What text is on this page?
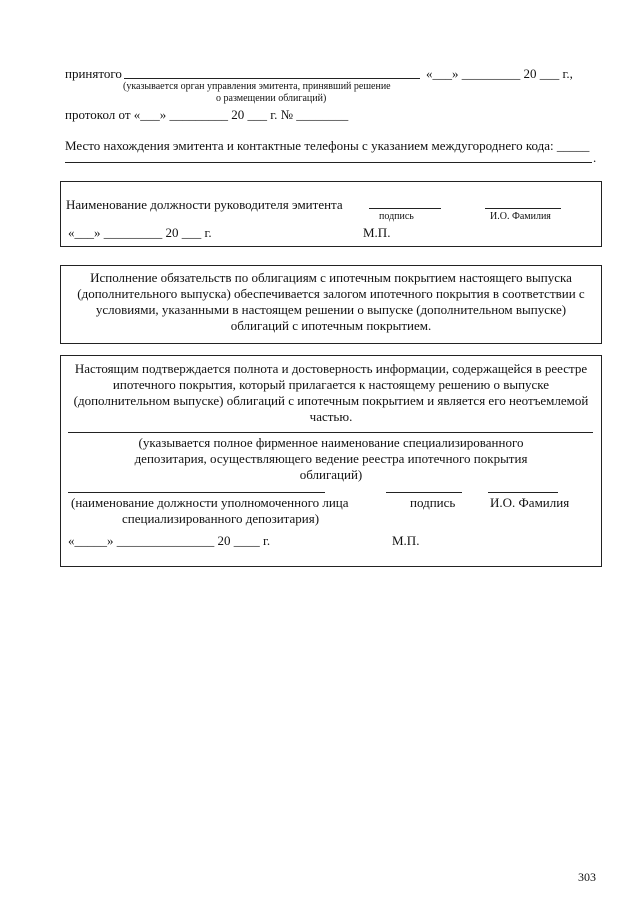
принятого	«___» _________ 20 ___ г.,
(указывается орган управления эмитента, принявший решение
о размещении облигаций)
протокол от «___» _________ 20 ___ г. № ________
Место нахождения эмитента и контактные телефоны с указанием междугороднего кода: _____
.
Наименование должности руководителя эмитента
подпись	И.О. Фамилия
«___» _________ 20 ___ г.	М.П.
Исполнение обязательств по облигациям с ипотечным покрытием настоящего выпуска (дополнительного выпуска) обеспечивается залогом ипотечного покрытия в соответствии с условиями, указанными в настоящем решении о выпуске (дополнительном выпуске) облигаций с ипотечным покрытием.
Настоящим подтверждается полнота и достоверность информации, содержащейся в реестре ипотечного покрытия, который прилагается к настоящему решению о выпуске (дополнительном выпуске) облигаций с ипотечным покрытием и является его неотъемлемой частью.
(указывается полное фирменное наименование специализированного депозитария, осуществляющего ведение реестра ипотечного покрытия облигаций)
(наименование должности уполномоченного лица
специализированного депозитария)
подпись	И.О. Фамилия
«_____» _______________ 20 ____ г.	М.П.
303
